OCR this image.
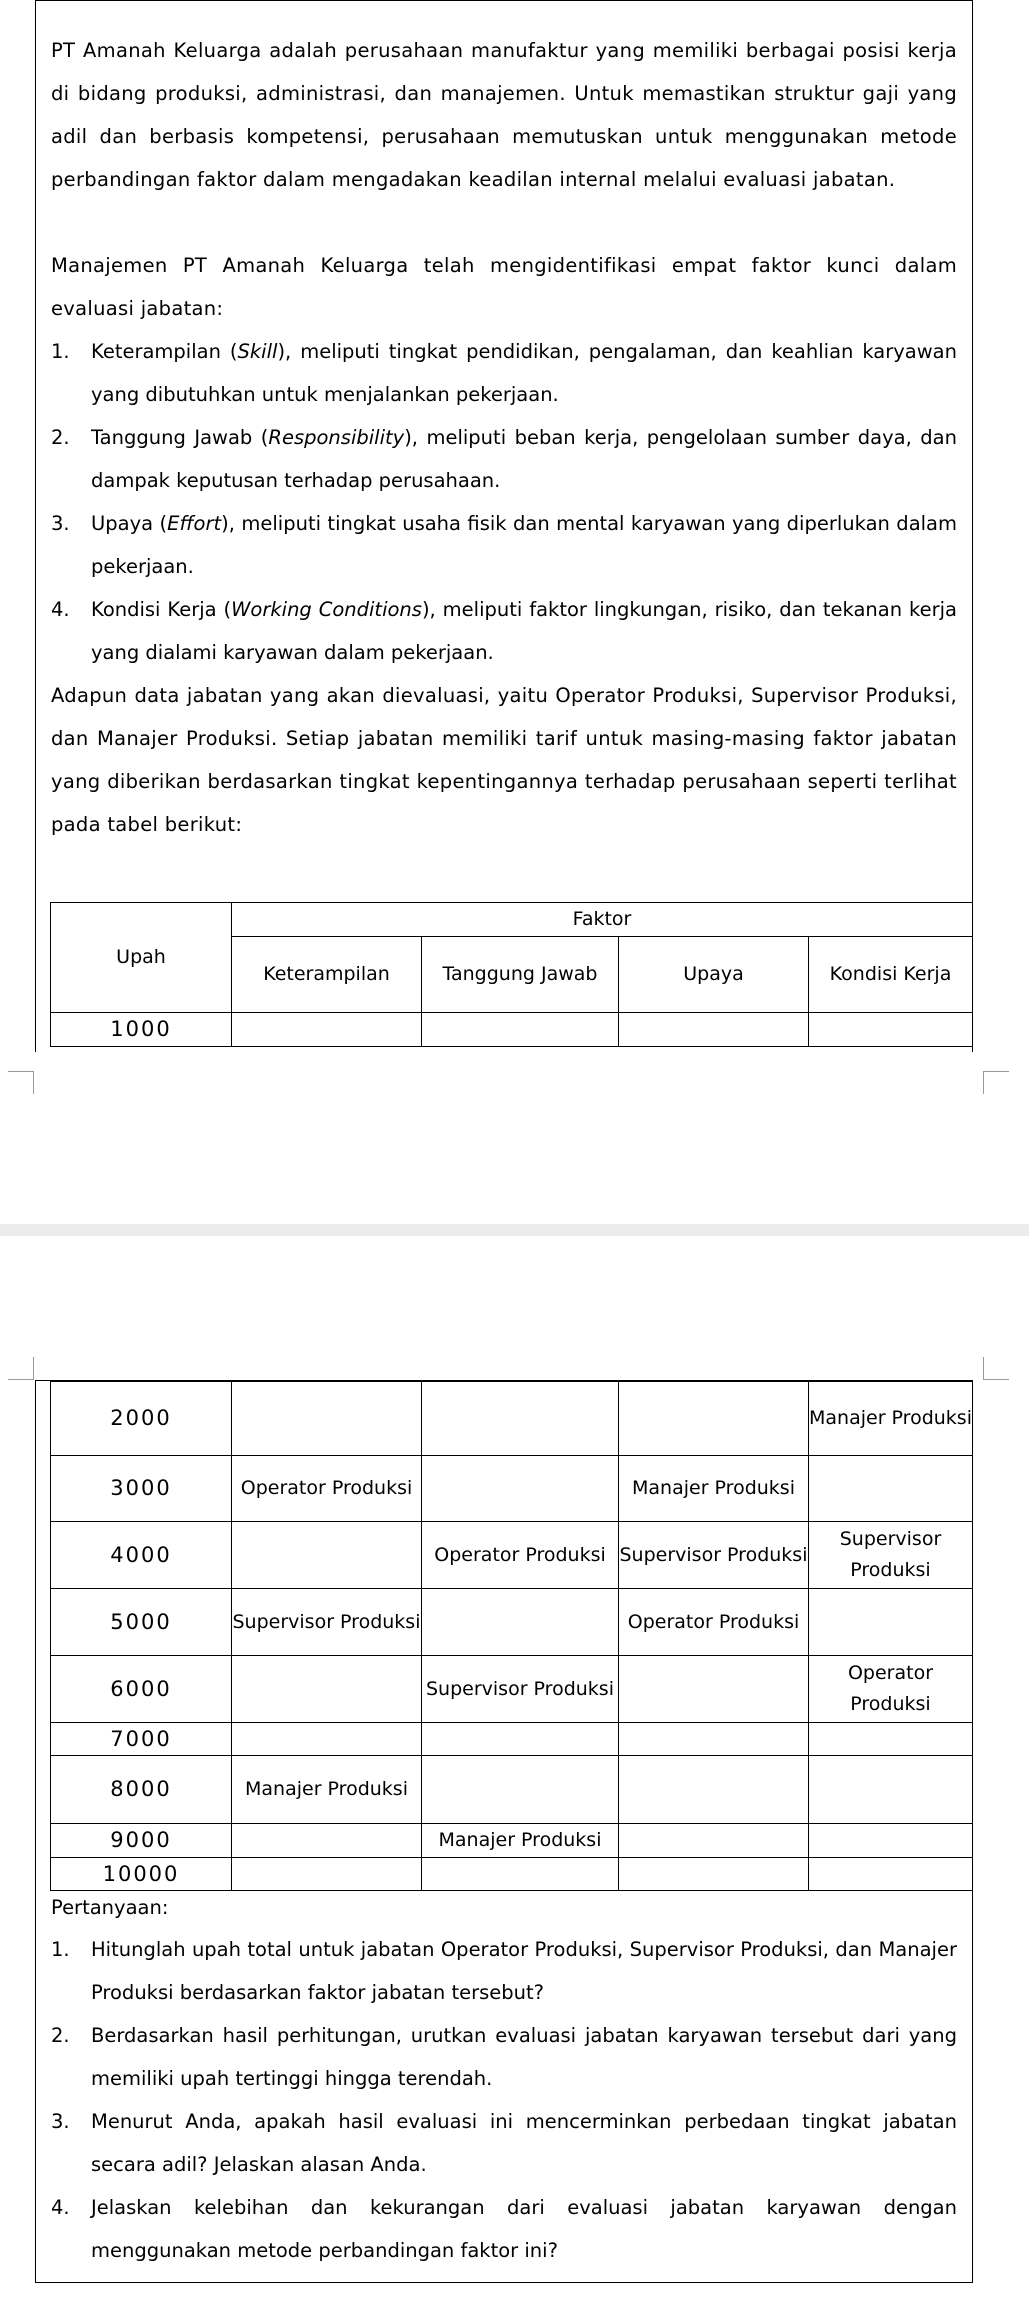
PT Amanah Keluarga adalah perusahaan manufaktur yang memiliki berbagai posisi kerja di bidang produksi, administrasi, dan manajemen. Untuk memastikan struktur gaji yang adil dan berbasis kompetensi, perusahaan memutuskan untuk menggunakan metode perbandingan faktor dalam mengadakan keadilan internal melalui evaluasi jabatan.

Manajemen PT Amanah Keluarga telah mengidentifikasi empat faktor kunci dalam evaluasi jabatan:

1. Keterampilan (Skill), meliputi tingkat pendidikan, pengalaman, dan keahlian karyawan yang dibutuhkan untuk menjalankan pekerjaan.
2. Tanggung Jawab (Responsibility), meliputi beban kerja, pengelolaan sumber daya, dan dampak keputusan terhadap perusahaan.
3. Upaya (Effort), meliputi tingkat usaha fisik dan mental karyawan yang diperlukan dalam pekerjaan.
4. Kondisi Kerja (Working Conditions), meliputi faktor lingkungan, risiko, dan tekanan kerja yang dialami karyawan dalam pekerjaan.

Adapun data jabatan yang akan dievaluasi, yaitu Operator Produksi, Supervisor Produksi, dan Manajer Produksi. Setiap jabatan memiliki tarif untuk masing-masing faktor jabatan yang diberikan berdasarkan tingkat kepentingannya terhadap perusahaan seperti terlihat pada tabel berikut:

Upah	Faktor			
	Keterampilan	Tanggung Jawab	Upaya	Kondisi Kerja
1000				
2000				Manajer Produksi
3000	Operator Produksi		Manajer Produksi	
4000		Operator Produksi	Supervisor Produksi	Supervisor Produksi
5000	Supervisor Produksi		Operator Produksi	
6000		Supervisor Produksi		Operator Produksi
7000				
8000	Manajer Produksi			
9000		Manajer Produksi		
10000				

Pertanyaan:

1. Hitunglah upah total untuk jabatan Operator Produksi, Supervisor Produksi, dan Manajer Produksi berdasarkan faktor jabatan tersebut?
2. Berdasarkan hasil perhitungan, urutkan evaluasi jabatan karyawan tersebut dari yang memiliki upah tertinggi hingga terendah.
3. Menurut Anda, apakah hasil evaluasi ini mencerminkan perbedaan tingkat jabatan secara adil? Jelaskan alasan Anda.
4. Jelaskan kelebihan dan kekurangan dari evaluasi jabatan karyawan dengan menggunakan metode perbandingan faktor ini?
